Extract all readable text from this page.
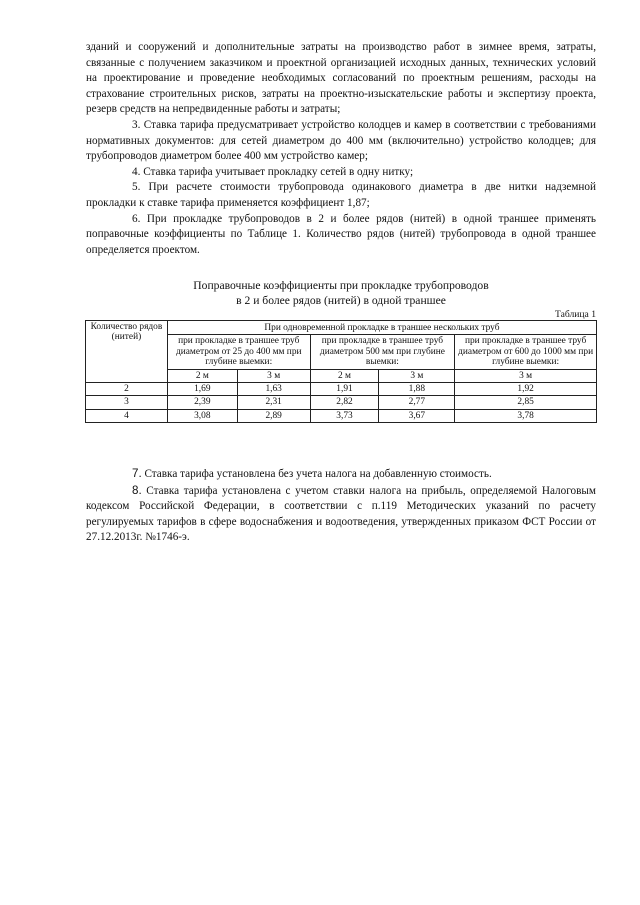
зданий и сооружений и дополнительные затраты на производство работ в зимнее время, затраты, связанные с получением заказчиком и проектной организацией исходных данных, технических условий на проектирование и проведение необходимых согласований по проектным решениям, расходы на страхование строительных рисков, затраты на проектно-изыскательские работы и экспертизу проекта, резерв средств на непредвиденные работы и затраты;

3. Ставка тарифа предусматривает устройство колодцев и камер в соответствии с требованиями нормативных документов: для сетей диаметром до 400 мм (включительно) устройство колодцев; для трубопроводов диаметром более 400 мм устройство камер;

4. Ставка тарифа учитывает прокладку сетей в одну нитку;

5. При расчете стоимости трубопровода одинакового диаметра в две нитки надземной прокладки к ставке тарифа применяется коэффициент 1,87;

6. При прокладке трубопроводов в 2 и более рядов (нитей) в одной траншее применять поправочные коэффициенты по Таблице 1. Количество рядов (нитей) трубопровода в одной траншее определяется проектом.

Поправочные коэффициенты при прокладке трубопроводов
в 2 и более рядов (нитей) в одной траншее
Таблица 1
Количество рядов (нитей)	При одновременной прокладке в траншее нескольких труб				
	при прокладке в траншее труб диаметром от 25 до 400 мм при глубине выемки:		при прокладке в траншее труб диаметром 500 мм при глубине выемки:		при прокладке в траншее труб диаметром от 600 до 1000 мм при глубине выемки:
	2 м	3 м	2 м	3 м	3 м
2	1,69	1,63	1,91	1,88	1,92
3	2,39	2,31	2,82	2,77	2,85
4	3,08	2,89	3,73	3,67	3,78

7. Ставка тарифа установлена без учета налога на добавленную стоимость.

8. Ставка тарифа установлена с учетом ставки налога на прибыль, определяемой Налоговым кодексом Российской Федерации, в соответствии с п.119 Методических указаний по расчету регулируемых тарифов в сфере водоснабжения и водоотведения, утвержденных приказом ФСТ России от 27.12.2013г. №1746-э.
